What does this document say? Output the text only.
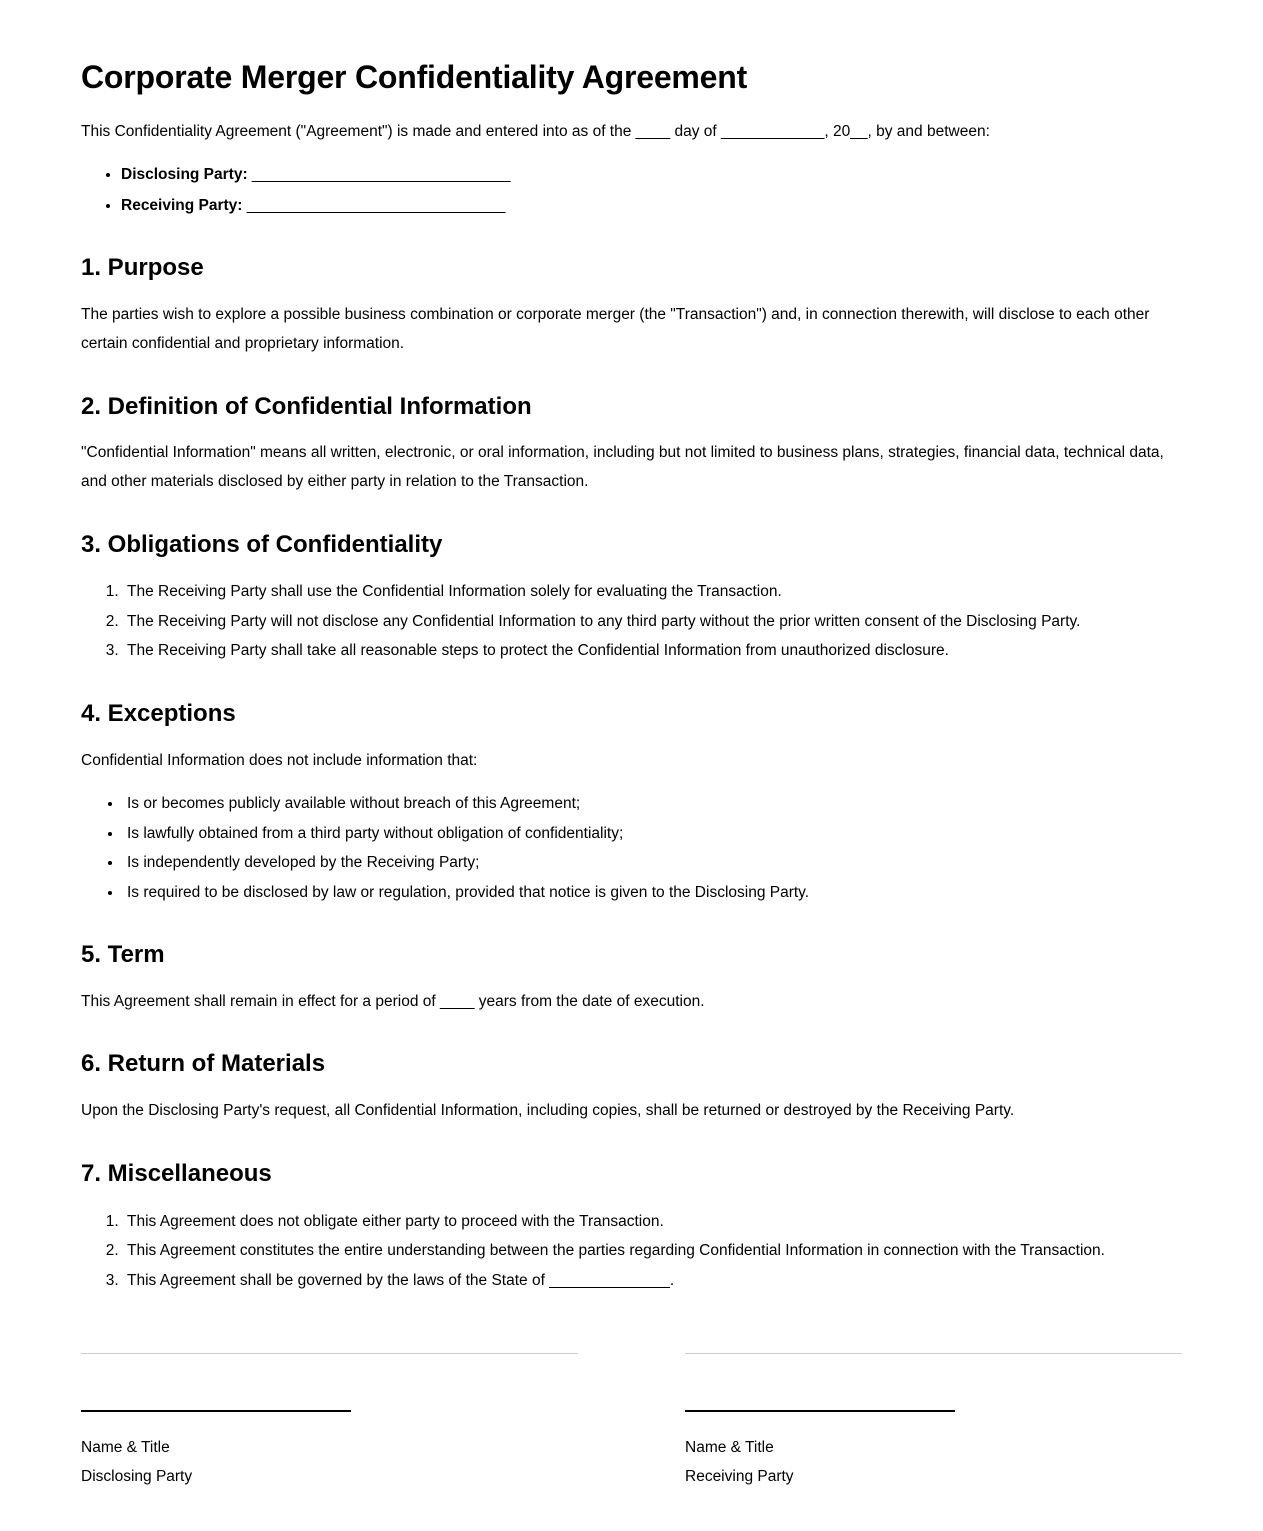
Corporate Merger Confidentiality Agreement

This Confidentiality Agreement ("Agreement") is made and entered into as of the ____ day of ____________, 20__, by and between:

• Disclosing Party: ______________________________
• Receiving Party: ______________________________
1. Purpose

The parties wish to explore a possible business combination or corporate merger (the "Transaction") and, in connection therewith, will disclose to each other certain confidential and proprietary information.

2. Definition of Confidential Information

"Confidential Information" means all written, electronic, or oral information, including but not limited to business plans, strategies, financial data, technical data, and other materials disclosed by either party in relation to the Transaction.

3. Obligations of Confidentiality
1. The Receiving Party shall use the Confidential Information solely for evaluating the Transaction.
2. The Receiving Party will not disclose any Confidential Information to any third party without the prior written consent of the Disclosing Party.
3. The Receiving Party shall take all reasonable steps to protect the Confidential Information from unauthorized disclosure.
4. Exceptions

Confidential Information does not include information that:

• Is or becomes publicly available without breach of this Agreement;
• Is lawfully obtained from a third party without obligation of confidentiality;
• Is independently developed by the Receiving Party;
• Is required to be disclosed by law or regulation, provided that notice is given to the Disclosing Party.
5. Term

This Agreement shall remain in effect for a period of ____ years from the date of execution.

6. Return of Materials

Upon the Disclosing Party's request, all Confidential Information, including copies, shall be returned or destroyed by the Receiving Party.

7. Miscellaneous
1. This Agreement does not obligate either party to proceed with the Transaction.
2. This Agreement constitutes the entire understanding between the parties regarding Confidential Information in connection with the Transaction.
3. This Agreement shall be governed by the laws of the State of ______________.

Name & Title

Disclosing Party

Name & Title

Receiving Party
